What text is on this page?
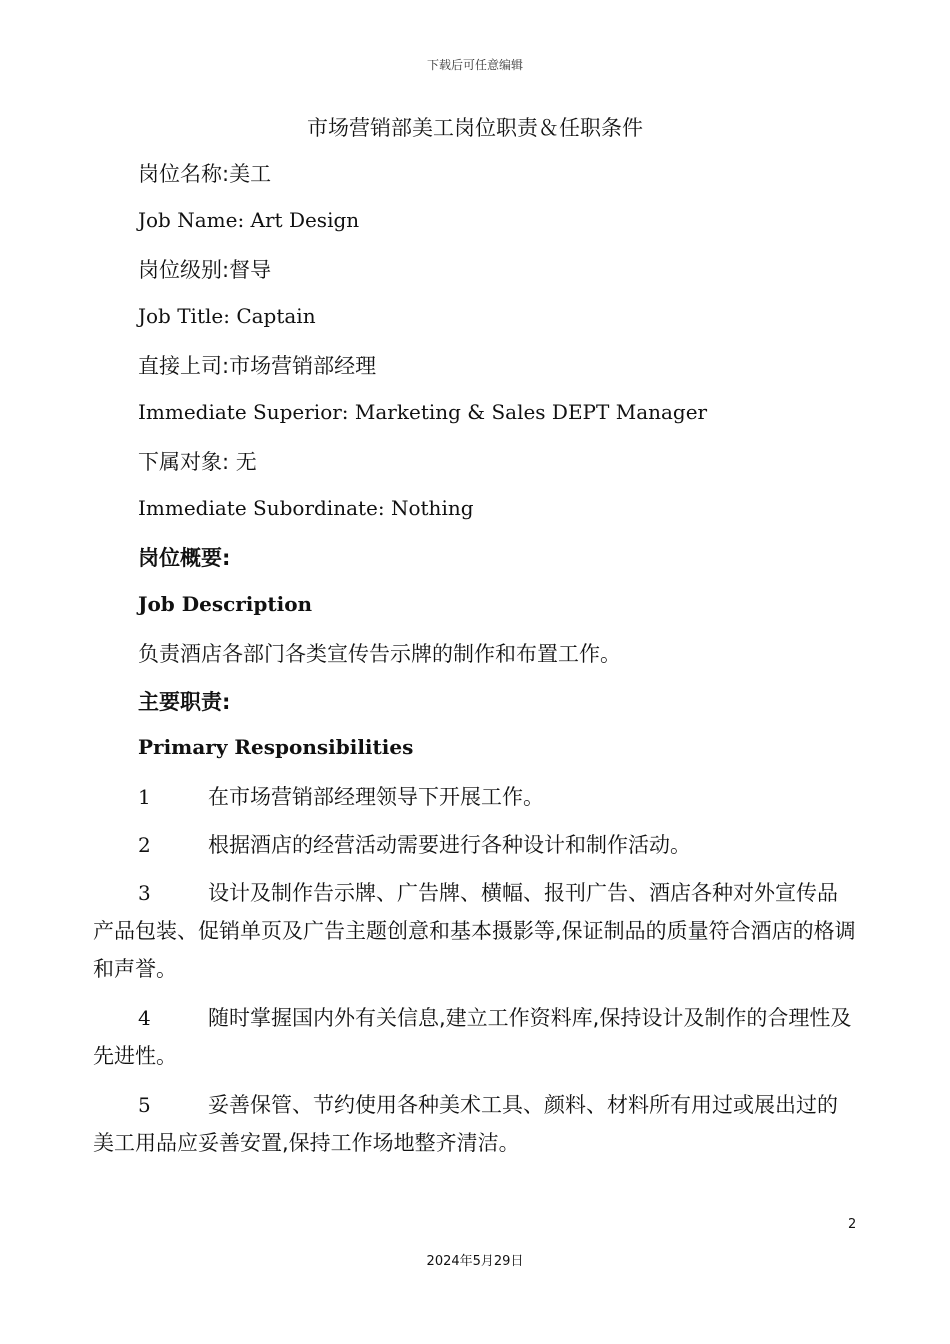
下载后可任意编辑
市场营销部美工岗位职责＆任职条件
岗位名称:美工
Job Name: Art Design
岗位级别:督导
Job Title: Captain
直接上司:市场营销部经理
Immediate Superior: Marketing & Sales DEPT Manager
下属对象: 无
Immediate Subordinate: Nothing
岗位概要:
Job Description
负责酒店各部门各类宣传告示牌的制作和布置工作。
主要职责:
Primary Responsibilities
1	在市场营销部经理领导下开展工作。
2	根据酒店的经营活动需要进行各种设计和制作活动。
3	设计及制作告示牌、广告牌、横幅、报刊广告、酒店各种对外宣传品产品包装、促销单页及广告主题创意和基本摄影等,保证制品的质量符合酒店的格调和声誉。
4	随时掌握国内外有关信息,建立工作资料库,保持设计及制作的合理性及先进性。
5	妥善保管、节约使用各种美术工具、颜料、材料所有用过或展出过的美工用品应妥善安置,保持工作场地整齐清洁。
2
2024年5月29日
